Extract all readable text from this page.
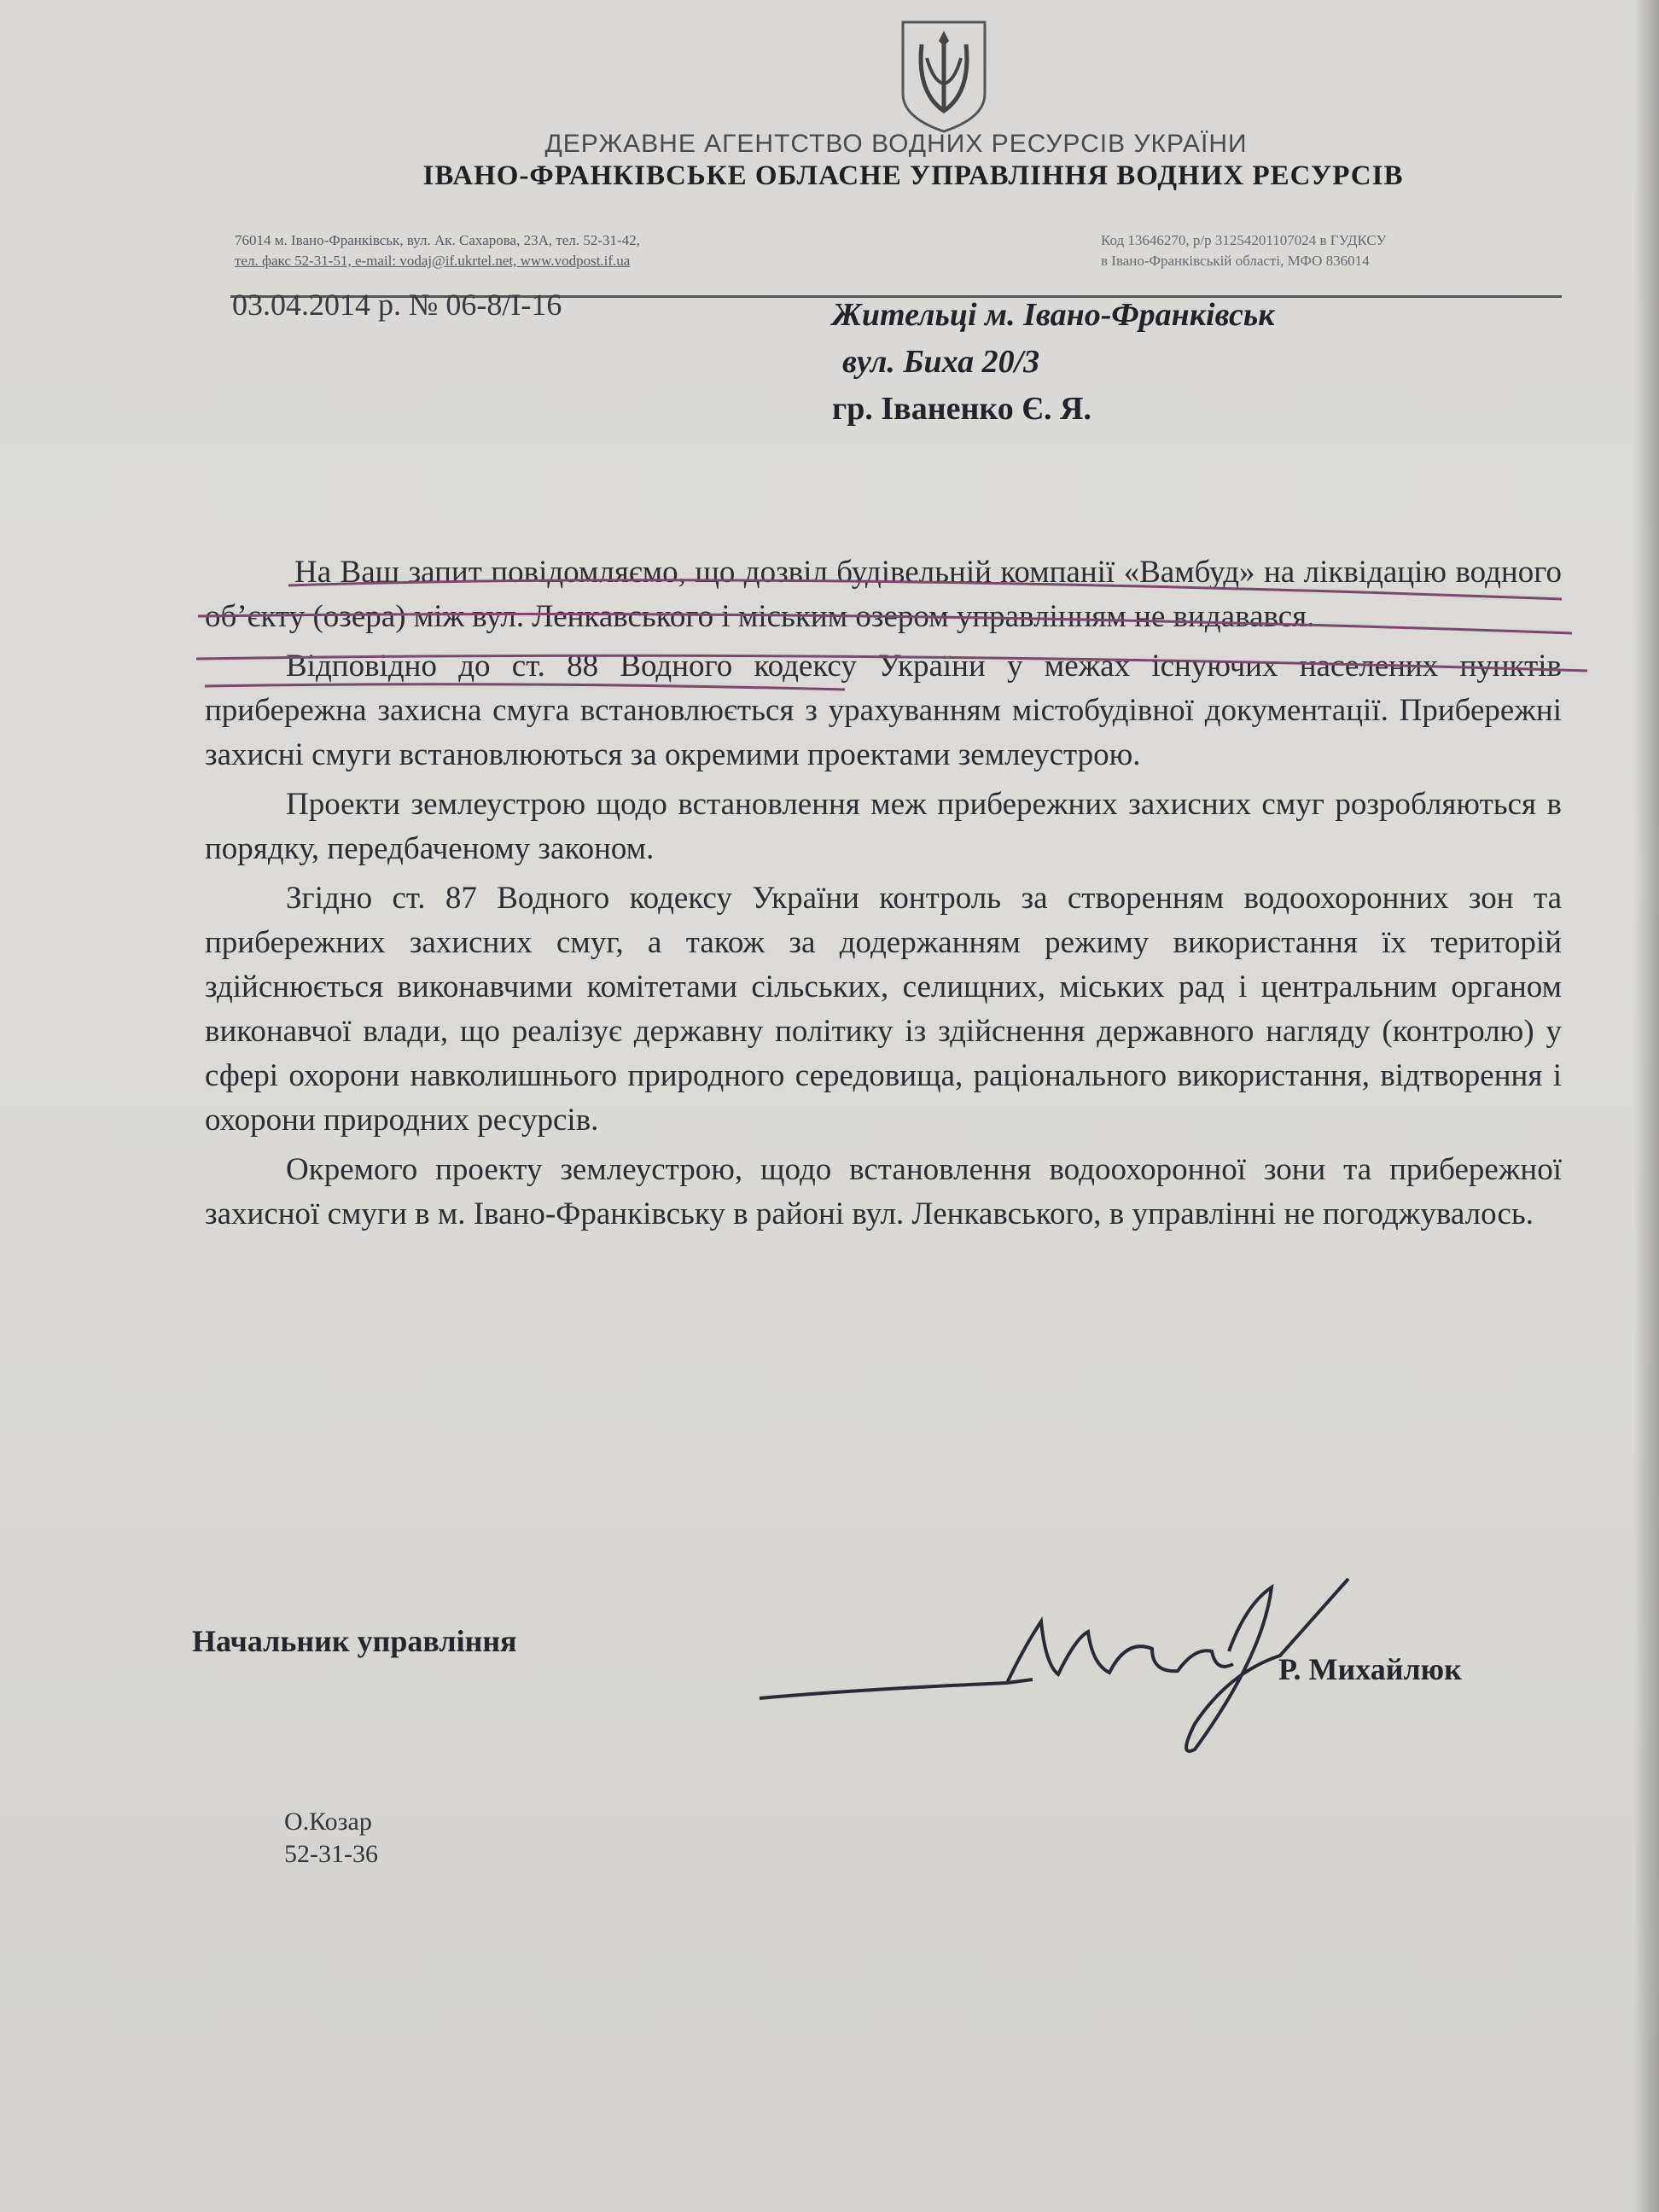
ДЕРЖАВНЕ АГЕНТСТВО ВОДНИХ РЕСУРСІВ УКРАЇНИ
ІВАНО-ФРАНКІВСЬКЕ ОБЛАСНЕ УПРАВЛІННЯ ВОДНИХ РЕСУРСІВ
76014 м. Івано-Франківськ, вул. Ак. Сахарова, 23А, тел. 52-31-42,
тел. факс 52-31-51, e-mail: vodaj@if.ukrtel.net, www.vodpost.if.ua
Код 13646270, р/р 31254201107024 в ГУДКСУ
в Івано-Франківській області, МФО 836014
03.04.2014 р. № 06-8/І-16	Жительці м. Івано-Франківськ
вул. Биха 20/3
гр. Іваненко Є. Я.

На Ваш запит повідомляємо, що дозвіл будівельній компанії «Вамбуд» на ліквідацію водного об’єкту (озера) між вул. Ленкавського і міським озером управлінням не видавався.

Відповідно до ст. 88 Водного кодексу України у межах існуючих населених пунктів прибережна захисна смуга встановлюється з урахуванням містобудівної документації. Прибережні захисні смуги встановлюються за окремими проектами землеустрою.

Проекти землеустрою щодо встановлення меж прибережних захисних смуг розробляються в порядку, передбаченому законом.

Згідно ст. 87 Водного кодексу України контроль за створенням водоохоронних зон та прибережних захисних смуг, а також за додержанням режиму використання їх територій здійснюється виконавчими комітетами сільських, селищних, міських рад і центральним органом виконавчої влади, що реалізує державну політику із здійснення державного нагляду (контролю) у сфері охорони навколишнього природного середовища, раціонального використання, відтворення і охорони природних ресурсів.

Окремого проекту землеустрою, щодо встановлення водоохоронної зони та прибережної захисної смуги в м. Івано-Франківську в районі вул. Ленкавського, в управлінні не погоджувалось.

Начальник управління
Р. Михайлюк
О.Козар
52-31-36
